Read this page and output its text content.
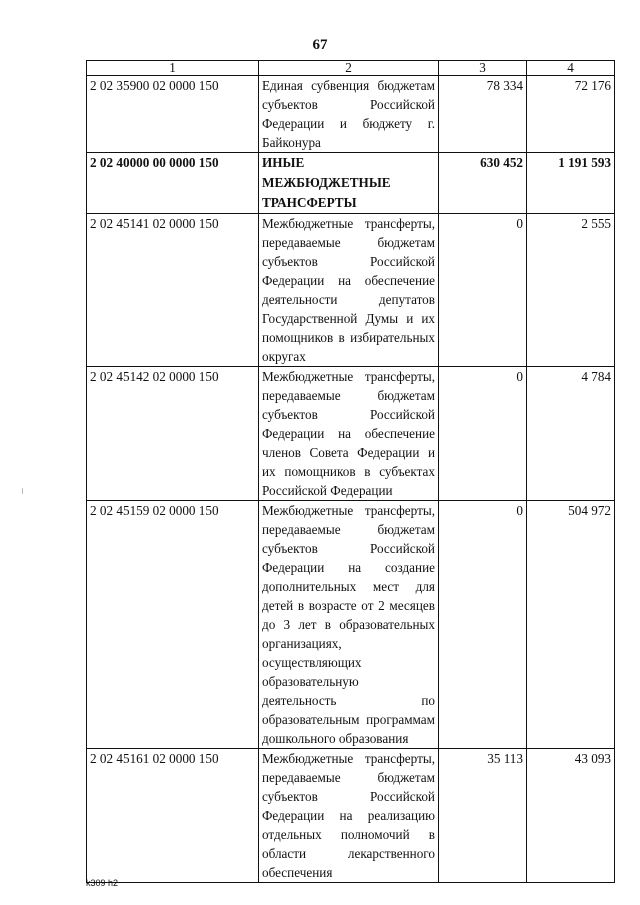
67
1	2	3	4
2 02 35900 02 0000 150	Единая субвенция бюджетам субъектов Российской Федерации и бюджету г. Байконура	78 334	72 176
2 02 40000 00 0000 150	ИНЫЕ МЕЖБЮДЖЕТНЫЕ ТРАНСФЕРТЫ	630 452	1 191 593
2 02 45141 02 0000 150	Межбюджетные трансферты, передаваемые бюджетам субъектов Российской Федерации на обеспечение деятельности депутатов Государственной Думы и их помощников в избирательных округах	0	2 555
2 02 45142 02 0000 150	Межбюджетные трансферты, передаваемые бюджетам субъектов Российской Федерации на обеспечение членов Совета Федерации и их помощников в субъектах Российской Федерации	0	4 784
2 02 45159 02 0000 150	Межбюджетные трансферты, передаваемые бюджетам субъектов Российской Федерации на создание дополнительных мест для детей в возрасте от 2 месяцев до 3 лет в образовательных организациях, осуществляющих образовательную деятельность по образовательным программам дошкольного образования	0	504 972
2 02 45161 02 0000 150	Межбюджетные трансферты, передаваемые бюджетам субъектов Российской Федерации на реализацию отдельных полномочий в области лекарственного обеспечения	35 113	43 093
k309 h2
